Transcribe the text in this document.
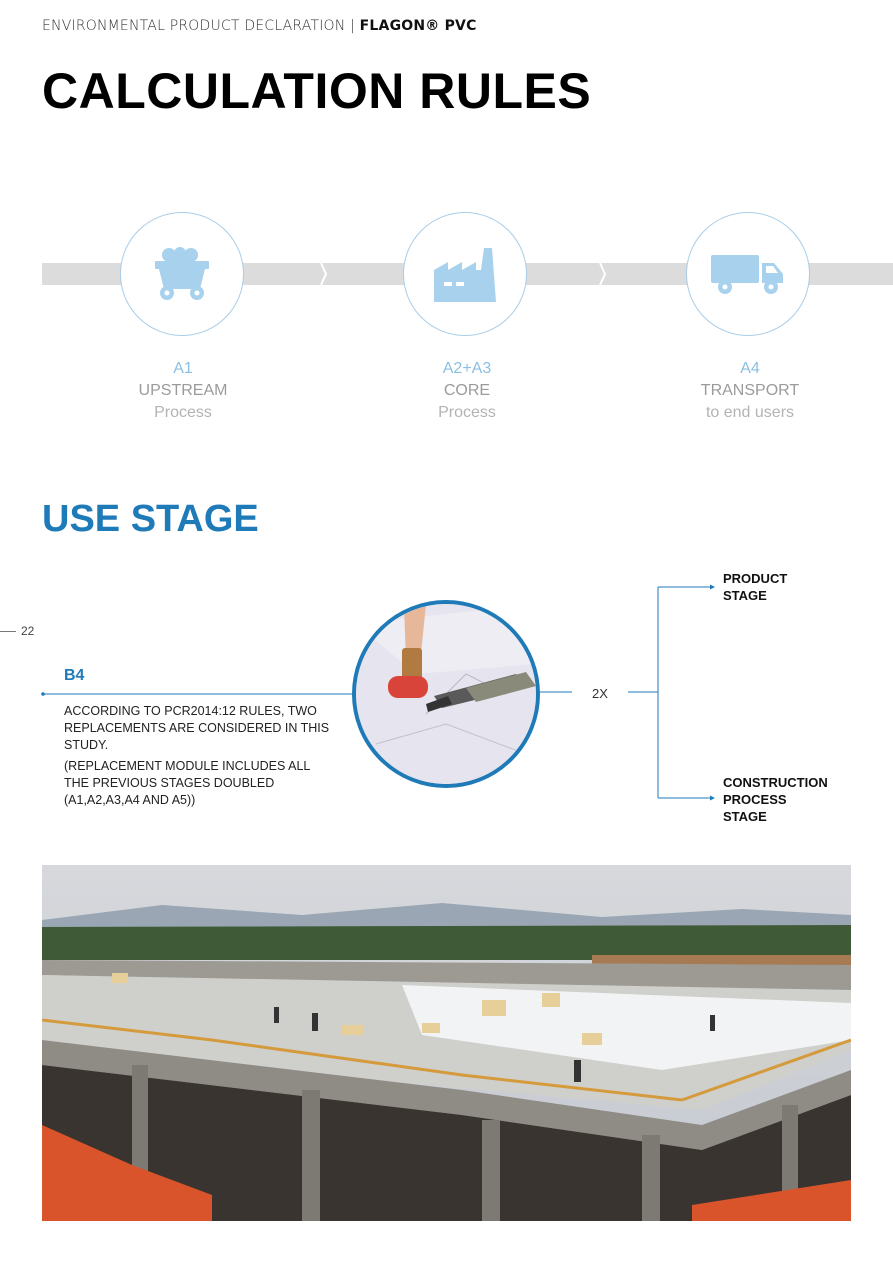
ENVIRONMENTAL PRODUCT DECLARATION | FLAGON® PVC
CALCULATION RULES
A1
UPSTREAM
Process
A2+A3
CORE
Process
A4
TRANSPORT
to end users
USE STAGE
22
B4

ACCORDING TO PCR2014:12 RULES, TWO REPLACEMENTS ARE CONSIDERED IN THIS STUDY.

(REPLACEMENT MODULE INCLUDES ALL THE PREVIOUS STAGES DOUBLED (A1,A2,A3,A4 AND A5))

2X
PRODUCT
STAGE
CONSTRUCTION
PROCESS
STAGE
